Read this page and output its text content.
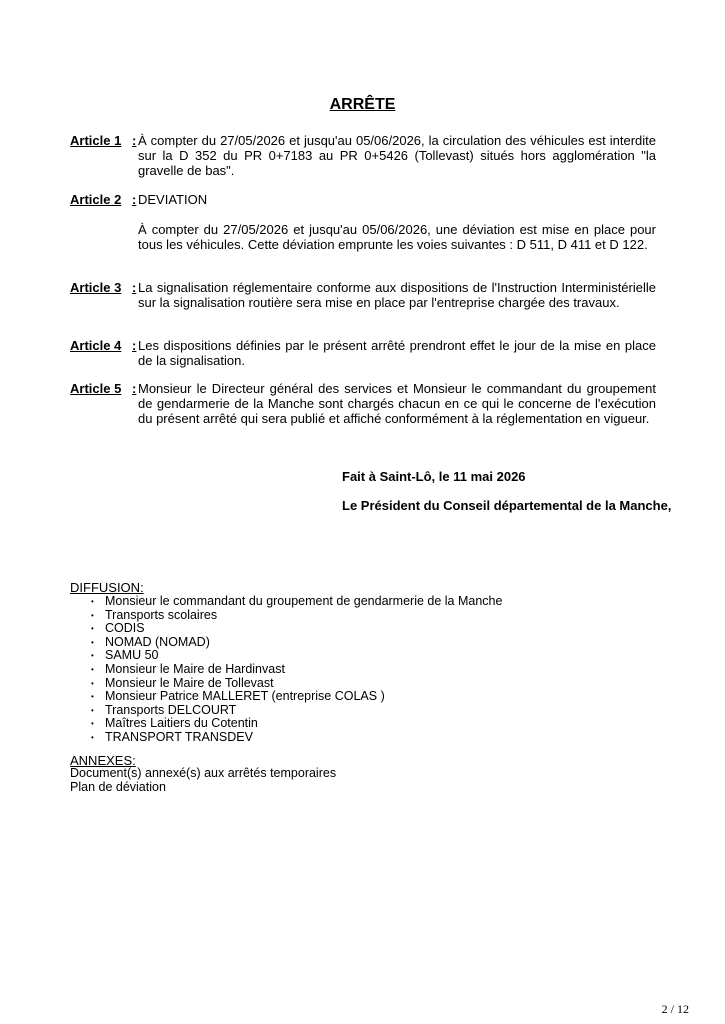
ARRÊTE
Article 1 : À compter du 27/05/2026 et jusqu'au 05/06/2026, la circulation des véhicules est interdite sur la D 352 du PR 0+7183 au PR 0+5426 (Tollevast) situés hors agglomération "la gravelle de bas".

Article 2 : DEVIATION

À compter du 27/05/2026 et jusqu'au 05/06/2026, une déviation est mise en place pour tous les véhicules. Cette déviation emprunte les voies suivantes : D 511, D 411 et D 122.

Article 3 : La signalisation réglementaire conforme aux dispositions de l'Instruction Interministérielle sur la signalisation routière sera mise en place par l'entreprise chargée des travaux.

Article 4 : Les dispositions définies par le présent arrêté prendront effet le jour de la mise en place de la signalisation.

Article 5 : Monsieur le Directeur général des services et Monsieur le commandant du groupement de gendarmerie de la Manche sont chargés chacun en ce qui le concerne de l'exécution du présent arrêté qui sera publié et affiché conformément à la réglementation en vigueur.

Fait à Saint-Lô, le 11 mai 2026
Le Président du Conseil départemental de la Manche,
DIFFUSION:
• Monsieur le commandant du groupement de gendarmerie de la Manche
• Transports scolaires
• CODIS
• NOMAD (NOMAD)
• SAMU 50
• Monsieur le Maire de Hardinvast
• Monsieur le Maire de Tollevast
• Monsieur Patrice MALLERET (entreprise COLAS )
• Transports DELCOURT
• Maîtres Laitiers du Cotentin
• TRANSPORT TRANSDEV
ANNEXES:
Document(s) annexé(s) aux arrêtés temporaires
Plan de déviation
2 / 12
